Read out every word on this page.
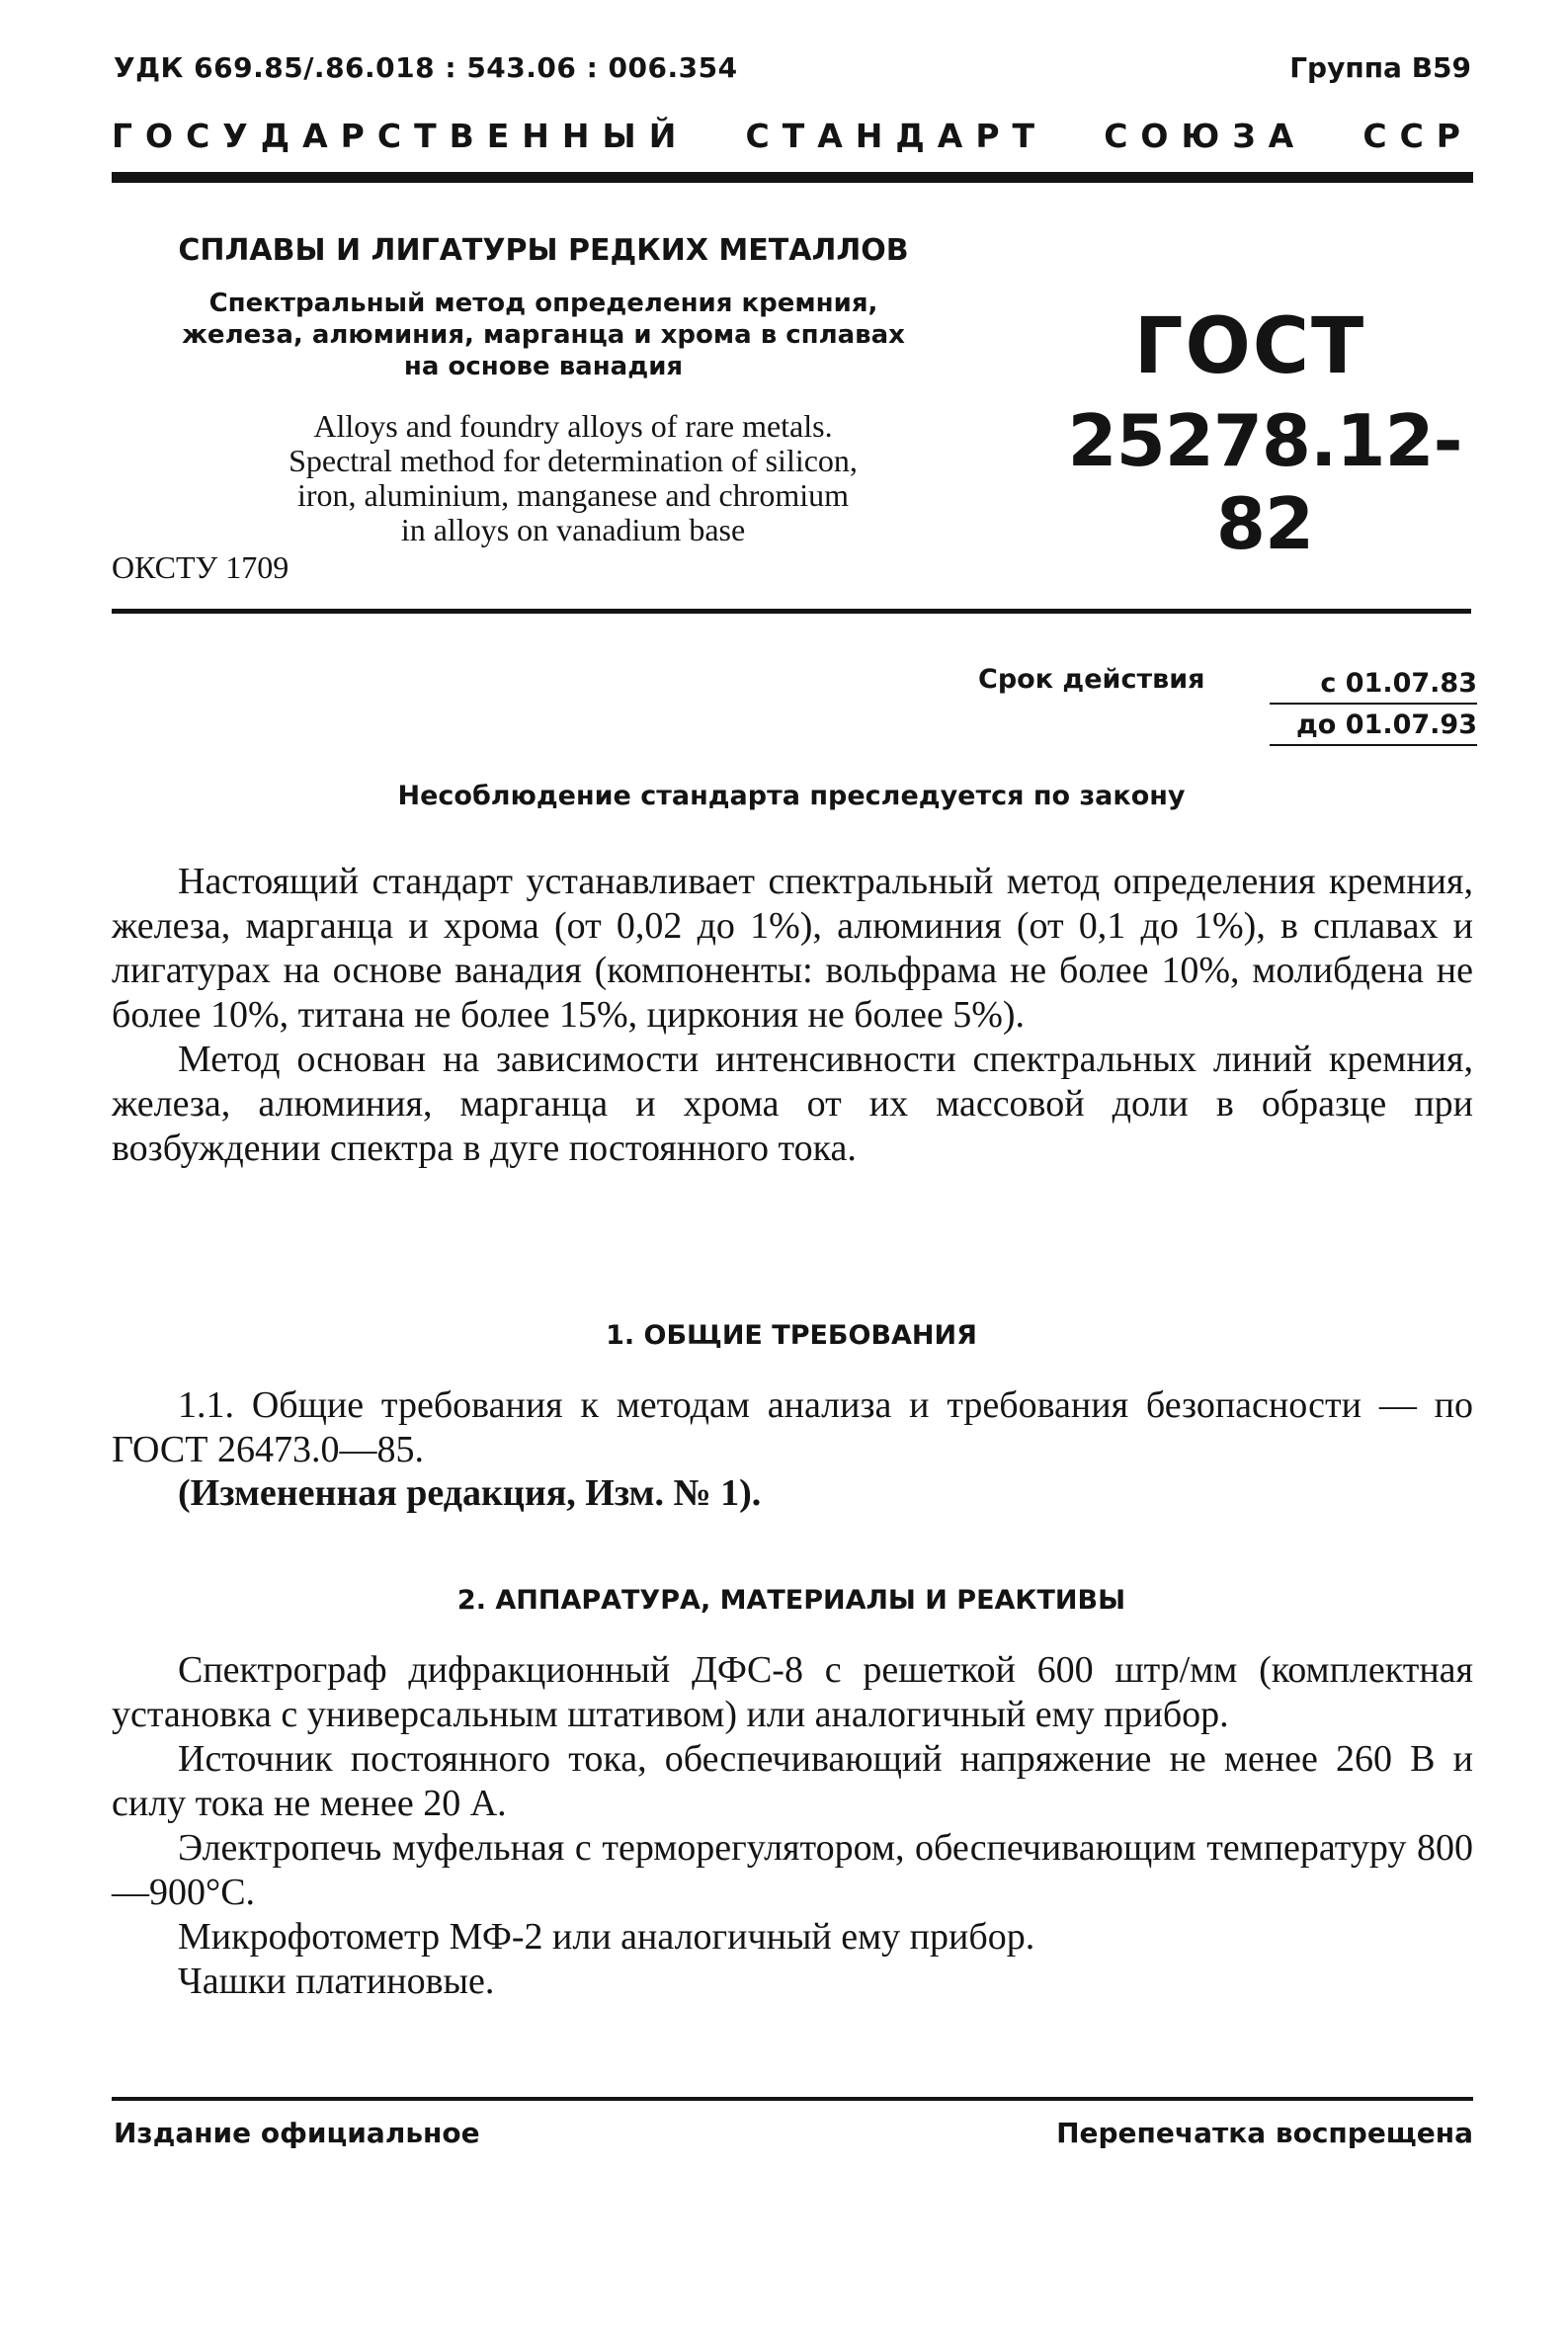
УДК 669.85/.86.018 : 543.06 : 006.354	Группа В59
ГОСУДАРСТВЕННЫЙ СТАНДАРТ СОЮЗА ССР
СПЛАВЫ И ЛИГАТУРЫ РЕДКИХ МЕТАЛЛОВ
Спектральный метод определения кремния,
железа, алюминия, марганца и хрома в сплавах
на основе ванадия
Alloys and foundry alloys of rare metals.
Spectral method for determination of silicon,
iron, aluminium, manganese and chromium
in alloys on vanadium base
ОКСТУ 1709
ГОСТ
25278.12-82
Срок действия	с 01.07.83
до 01.07.93
Несоблюдение стандарта преследуется по закону

Настоящий стандарт устанавливает спектральный метод определения кремния, железа, марганца и хрома (от 0,02 до 1%), алюминия (от 0,1 до 1%), в сплавах и лигатурах на основе ванадия (компоненты: вольфрама не более 10%, молибдена не более 10%, титана не более 15%, циркония не более 5%).

Метод основан на зависимости интенсивности спектральных линий кремния, железа, алюминия, марганца и хрома от их массовой доли в образце при возбуждении спектра в дуге постоянного тока.

1. ОБЩИЕ ТРЕБОВАНИЯ

1.1. Общие требования к методам анализа и требования безопасности — по ГОСТ 26473.0—85.

(Измененная редакция, Изм. № 1).
2. АППАРАТУРА, МАТЕРИАЛЫ И РЕАКТИВЫ

Спектрограф дифракционный ДФС-8 с решеткой 600 штр/мм (комплектная установка с универсальным штативом) или аналогичный ему прибор.

Источник постоянного тока, обеспечивающий напряжение не менее 260 В и силу тока не менее 20 А.

Электропечь муфельная с терморегулятором, обеспечивающим температуру 800—900°С.

Микрофотометр МФ-2 или аналогичный ему прибор.

Чашки платиновые.

Издание официальное	Перепечатка воспрещена
